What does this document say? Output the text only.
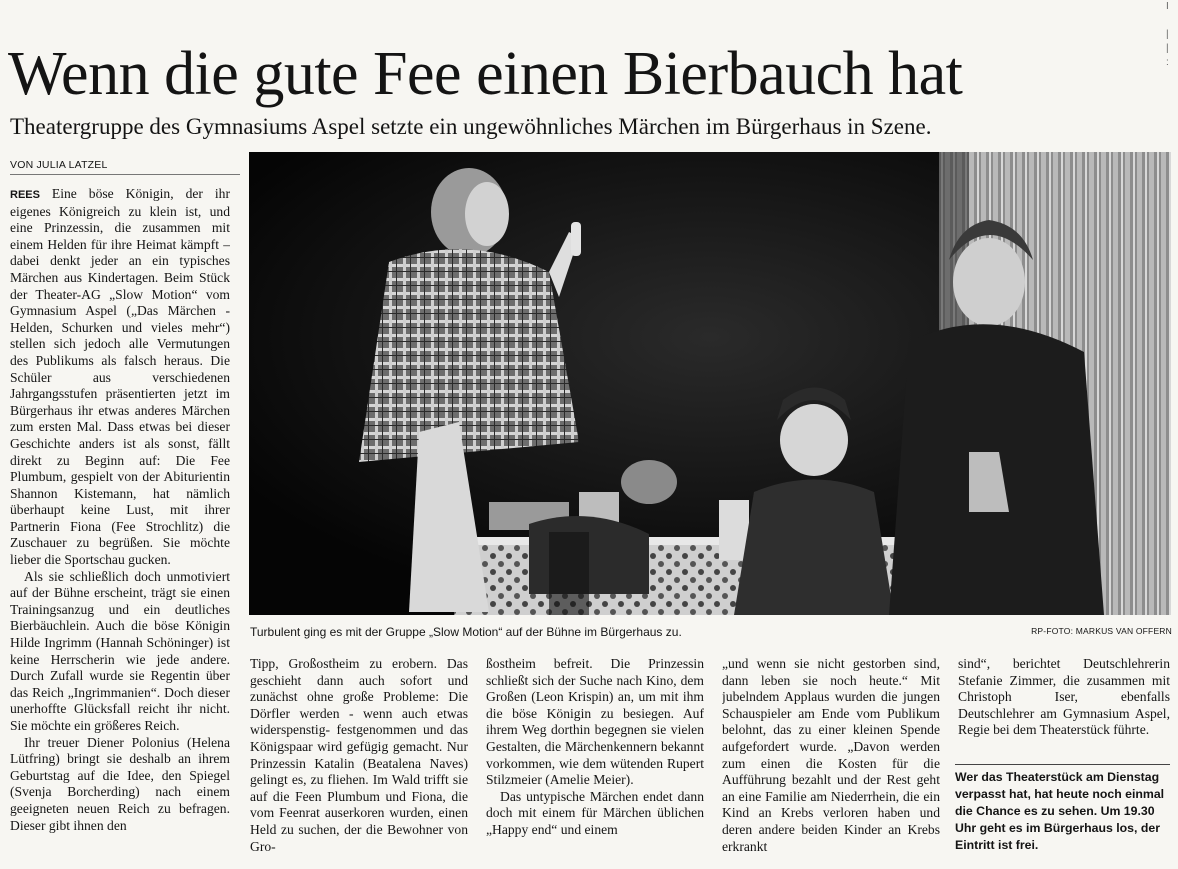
I

|
|
:
Wenn die gute Fee einen Bierbauch hat
Theatergruppe des Gymnasiums Aspel setzte ein ungewöhnliches Märchen im Bürgerhaus in Szene.
VON JULIA LATZEL

REES Eine böse Königin, der ihr eigenes Königreich zu klein ist, und eine Prinzessin, die zusammen mit einem Helden für ihre Heimat kämpft – dabei denkt jeder an ein typisches Märchen aus Kindertagen. Beim Stück der Theater-AG „Slow Motion“ vom Gymnasium Aspel („Das Märchen - Helden, Schurken und vieles mehr“) stellen sich jedoch alle Vermutungen des Publikums als falsch heraus. Die Schüler aus verschiedenen Jahrgangsstufen präsentierten jetzt im Bürgerhaus ihr etwas anderes Märchen zum ersten Mal. Dass etwas bei dieser Geschichte anders ist als sonst, fällt direkt zu Beginn auf: Die Fee Plumbum, gespielt von der Abiturientin Shannon Kistemann, hat nämlich überhaupt keine Lust, mit ihrer Partnerin Fiona (Fee Strochlitz) die Zuschauer zu begrüßen. Sie möchte lieber die Sportschau gucken.

Als sie schließlich doch unmotiviert auf der Bühne erscheint, trägt sie einen Trainingsanzug und ein deutliches Bierbäuchlein. Auch die böse Königin Hilde Ingrimm (Hannah Schöninger) ist keine Herrscherin wie jede andere. Durch Zufall wurde sie Regentin über das Reich „Ingrimmanien“. Doch dieser unerhoffte Glücksfall reicht ihr nicht. Sie möchte ein größeres Reich.

Ihr treuer Diener Polonius (Helena Lütfring) bringt sie deshalb an ihrem Geburtstag auf die Idee, den Spiegel (Svenja Borcherding) nach einem geeigneten neuen Reich zu befragen. Dieser gibt ihnen den

Turbulent ging es mit der Gruppe „Slow Motion“ auf der Bühne im Bürgerhaus zu.	RP-FOTO: MARKUS VAN OFFERN

Tipp, Großostheim zu erobern. Das geschieht dann auch sofort und zunächst ohne große Probleme: Die Dörfler werden - wenn auch etwas widerspenstig- festgenommen und das Königspaar wird gefügig gemacht. Nur Prinzessin Katalin (Beatalena Naves) gelingt es, zu fliehen. Im Wald trifft sie auf die Feen Plumbum und Fiona, die vom Feenrat auserkoren wurden, einen Held zu suchen, der die Bewohner von Gro-

ßostheim befreit. Die Prinzessin schließt sich der Suche nach Kino, dem Großen (Leon Krispin) an, um mit ihm die böse Königin zu besiegen. Auf ihrem Weg dorthin begegnen sie vielen Gestalten, die Märchenkennern bekannt vorkommen, wie dem wütenden Rupert Stilzmeier (Amelie Meier).

Das untypische Märchen endet dann doch mit einem für Märchen üblichen „Happy end“ und einem

„und wenn sie nicht gestorben sind, dann leben sie noch heute.“ Mit jubelndem Applaus wurden die jungen Schauspieler am Ende vom Publikum belohnt, das zu einer kleinen Spende aufgefordert wurde. „Davon werden zum einen die Kosten für die Aufführung bezahlt und der Rest geht an eine Familie am Niederrhein, die ein Kind an Krebs verloren haben und deren andere beiden Kinder an Krebs erkrankt

sind“, berichtet Deutschlehrerin Stefanie Zimmer, die zusammen mit Christoph Iser, ebenfalls Deutschlehrer am Gymnasium Aspel, Regie bei dem Theaterstück führte.

Wer das Theaterstück am Dienstag verpasst hat, hat heute noch einmal die Chance es zu sehen. Um 19.30 Uhr geht es im Bürgerhaus los, der Eintritt ist frei.
